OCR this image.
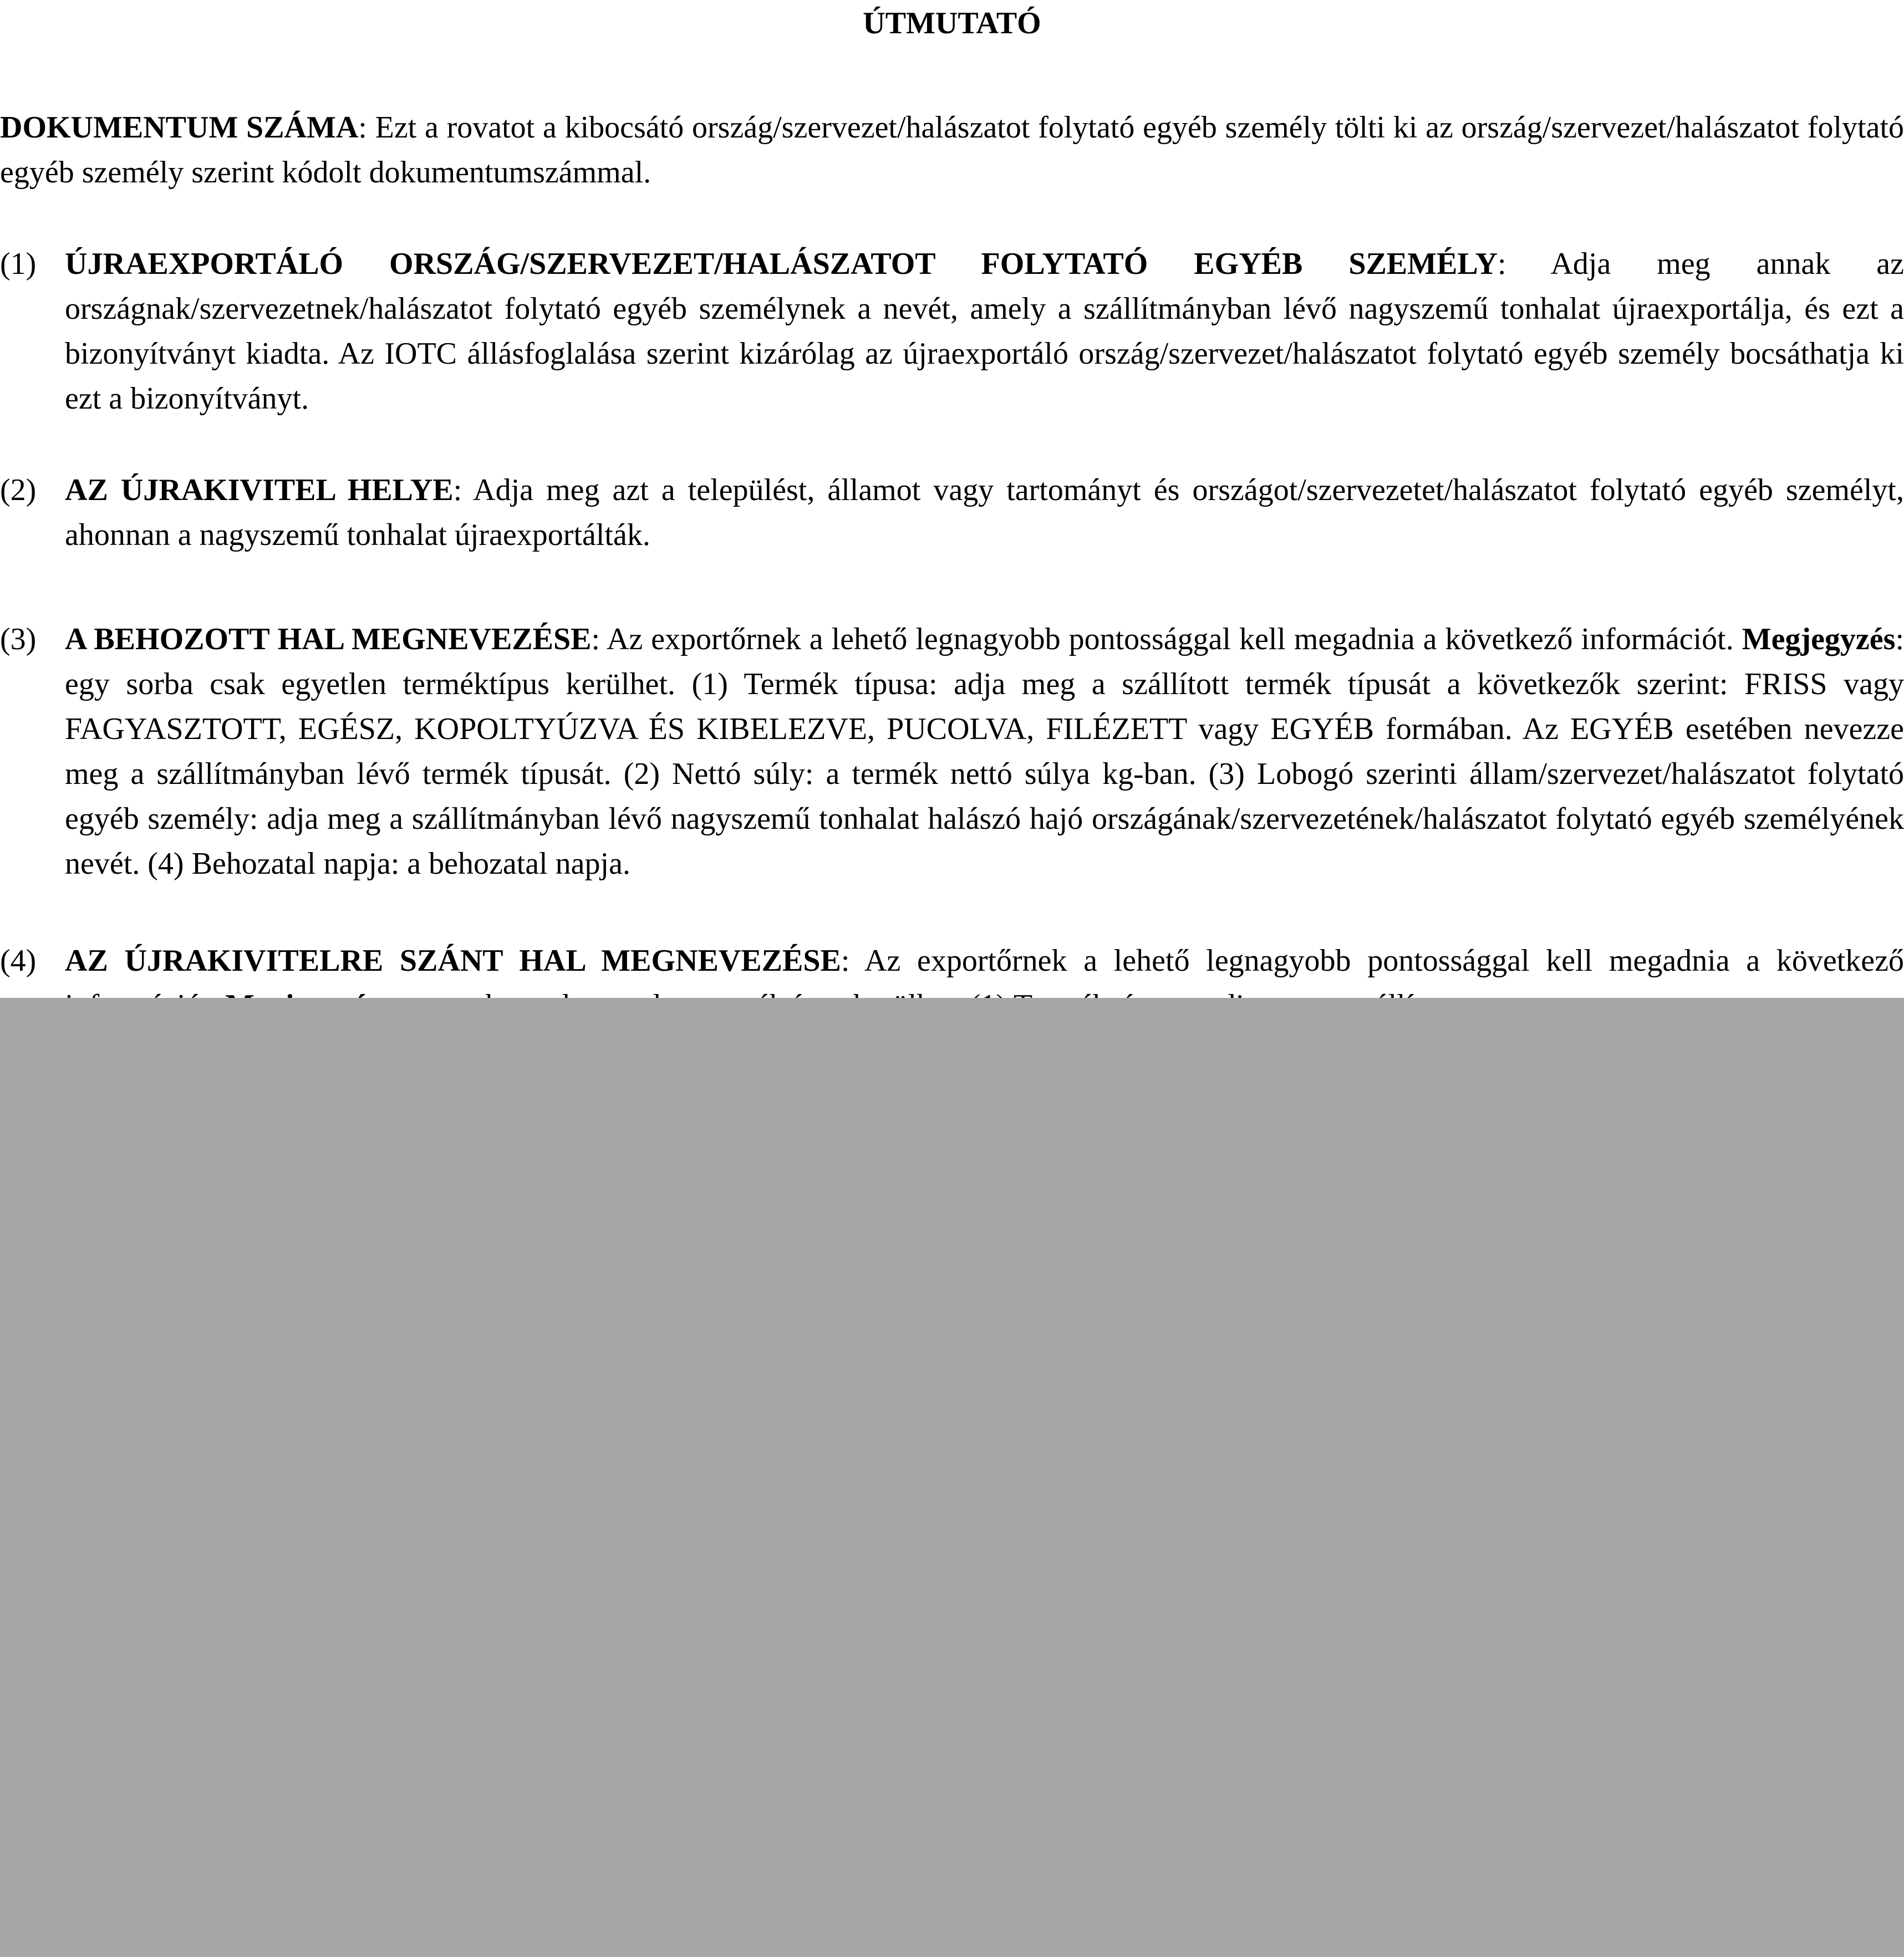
ÚTMUTATÓ

DOKUMENTUM SZÁMA: Ezt a rovatot a kibocsátó ország/szervezet/halászatot folytató egyéb személy tölti ki az ország/szervezet/halászatot folytató egyéb személy szerint kódolt dokumentumszámmal.

(1) ÚJRAEXPORTÁLÓ ORSZÁG/SZERVEZET/HALÁSZATOT FOLYTATÓ EGYÉB SZEMÉLY: Adja meg annak az országnak/szervezetnek/halászatot folytató egyéb személynek a nevét, amely a szállítmányban lévő nagyszemű tonhalat újraexportálja, és ezt a bizonyítványt kiadta. Az IOTC állásfoglalása szerint kizárólag az újraexportáló ország/szervezet/halászatot folytató egyéb személy bocsáthatja ki ezt a bizonyítványt.
(2) AZ ÚJRAKIVITEL HELYE: Adja meg azt a települést, államot vagy tartományt és országot/szervezetet/halászatot folytató egyéb személyt, ahonnan a nagyszemű tonhalat újraexportálták.
(3) A BEHOZOTT HAL MEGNEVEZÉSE: Az exportőrnek a lehető legnagyobb pontossággal kell megadnia a következő információt. Megjegyzés: egy sorba csak egyetlen terméktípus kerülhet. (1) Termék típusa: adja meg a szállított termék típusát a következők szerint: FRISS vagy FAGYASZTOTT, EGÉSZ, KOPOLTYÚZVA ÉS KIBELEZVE, PUCOLVA, FILÉZETT vagy EGYÉB formában. Az EGYÉB esetében nevezze meg a szállítmányban lévő termék típusát. (2) Nettó súly: a termék nettó súlya kg-ban. (3) Lobogó szerinti állam/szervezet/halászatot folytató egyéb személy: adja meg a szállítmányban lévő nagyszemű tonhalat halászó hajó országának/szervezetének/halászatot folytató egyéb személyének nevét. (4) Behozatal napja: a behozatal napja.
(4) AZ ÚJRAKIVITELRE SZÁNT HAL MEGNEVEZÉSE: Az exportőrnek a lehető legnagyobb pontossággal kell megadnia a következő
